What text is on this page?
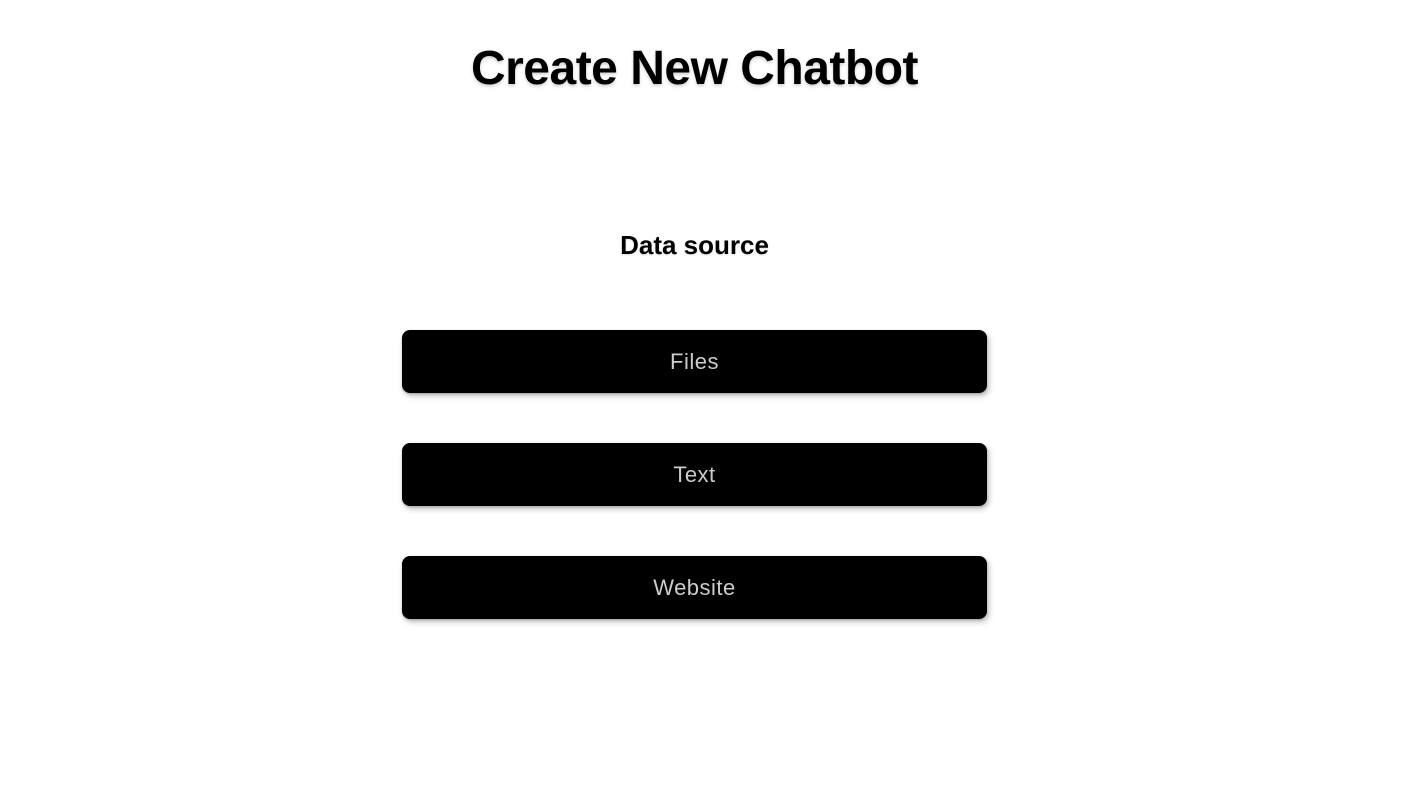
Create New Chatbot
Data source
Files
Text
Website
